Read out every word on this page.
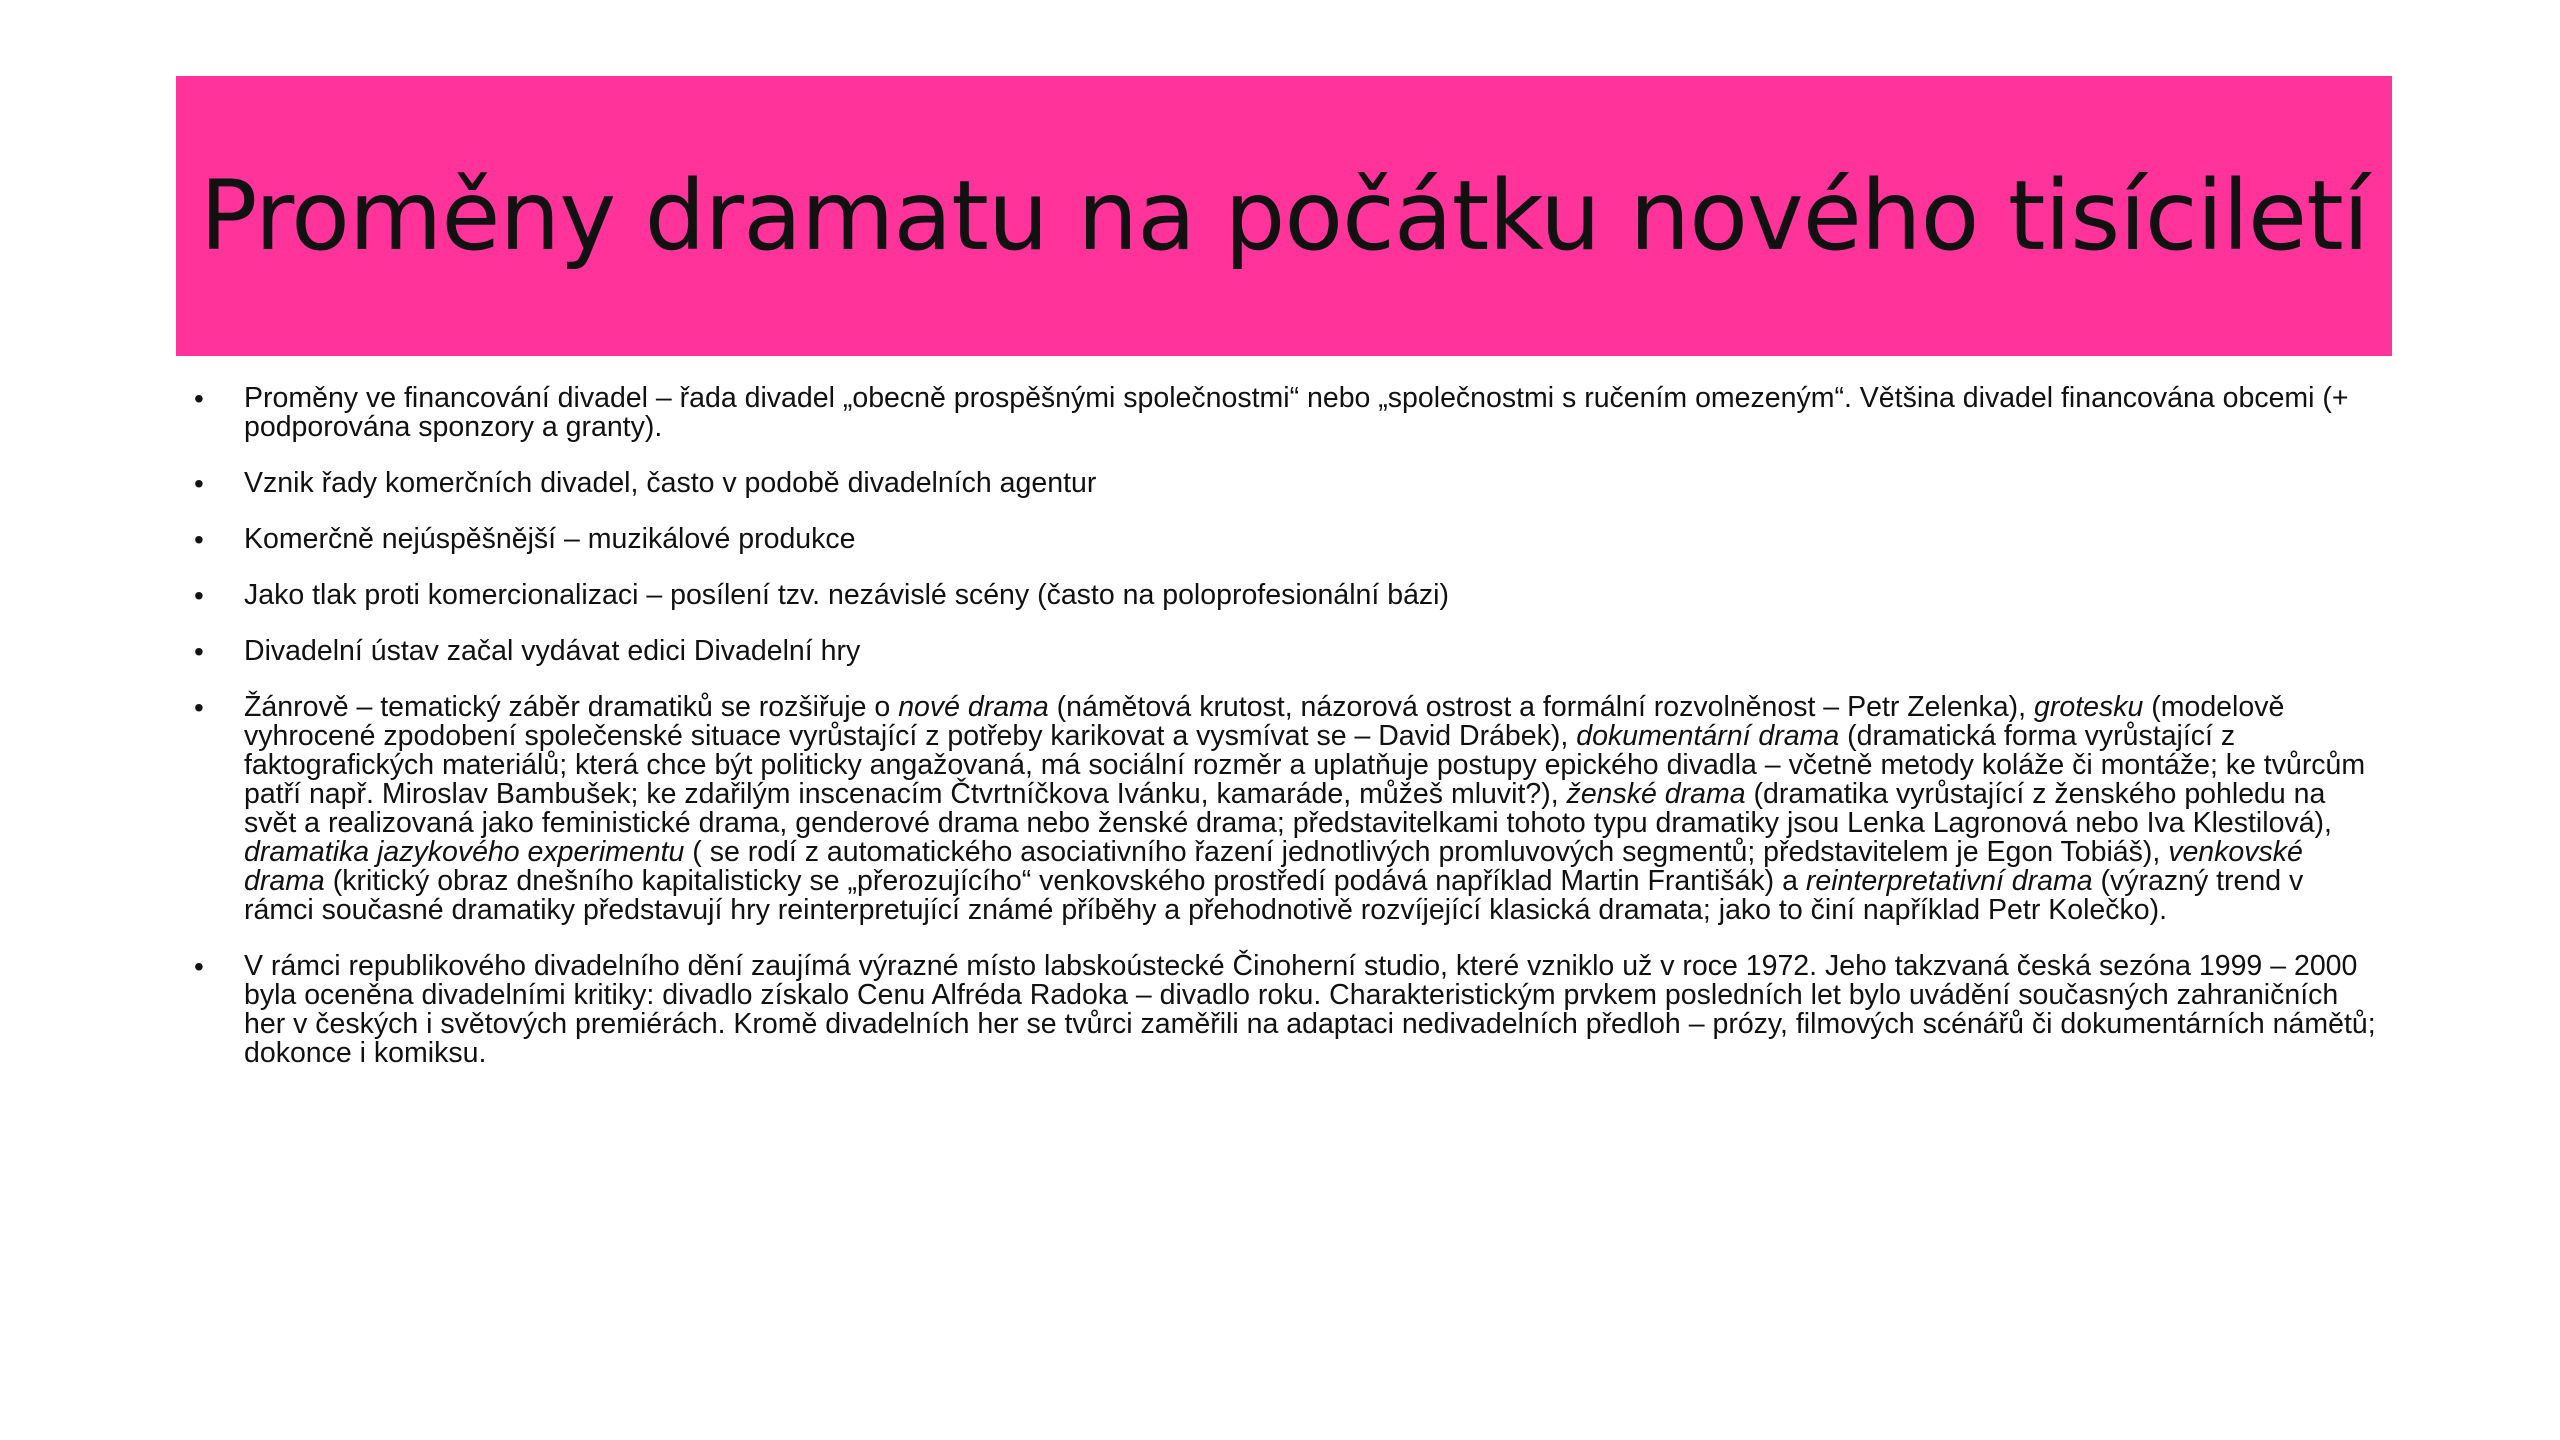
Proměny dramatu na počátku nového tisíciletí
• Proměny ve financování divadel – řada divadel „obecně prospěšnými společnostmi“ nebo „společnostmi s ručením omezeným“. Většina divadel financována obcemi (+ podporována sponzory a granty).
• Vznik řady komerčních divadel, často v podobě divadelních agentur
• Komerčně nejúspěšnější – muzikálové produkce
• Jako tlak proti komercionalizaci – posílení tzv. nezávislé scény (často na poloprofesionální bázi)
• Divadelní ústav začal vydávat edici Divadelní hry
• Žánrově – tematický záběr dramatiků se rozšiřuje o nové drama (námětová krutost, názorová ostrost a formální rozvolněnost – Petr Zelenka), grotesku (modelově vyhrocené zpodobení společenské situace vyrůstající z potřeby karikovat a vysmívat se – David Drábek), dokumentární drama (dramatická forma vyrůstající z faktografických materiálů; která chce být politicky angažovaná, má sociální rozměr a uplatňuje postupy epického divadla – včetně metody koláže či montáže; ke tvůrcům patří např. Miroslav Bambušek; ke zdařilým inscenacím Čtvrtníčkova Ivánku, kamaráde, můžeš mluvit?), ženské drama (dramatika vyrůstající z ženského pohledu na svět a realizovaná jako feministické drama, genderové drama nebo ženské drama; představitelkami tohoto typu dramatiky jsou Lenka Lagronová nebo Iva Klestilová), dramatika jazykového experimentu ( se rodí z automatického asociativního řazení jednotlivých promluvových segmentů; představitelem je Egon Tobiáš), venkovské drama (kritický obraz dnešního kapitalisticky se „přerozujícího“ venkovského prostředí podává například Martin Františák) a reinterpretativní drama (výrazný trend v rámci současné dramatiky představují hry reinterpretující známé příběhy a přehodnotivě rozvíjející klasická dramata; jako to činí například Petr Kolečko).
• V rámci republikového divadelního dění zaujímá výrazné místo labskoústecké Činoherní studio, které vzniklo už v roce 1972. Jeho takzvaná česká sezóna 1999 – 2000 byla oceněna divadelními kritiky: divadlo získalo Cenu Alfréda Radoka – divadlo roku. Charakteristickým prvkem posledních let bylo uvádění současných zahraničních her v českých i světových premiérách. Kromě divadelních her se tvůrci zaměřili na adaptaci nedivadelních předloh – prózy, filmových scénářů či dokumentárních námětů; dokonce i komiksu.
